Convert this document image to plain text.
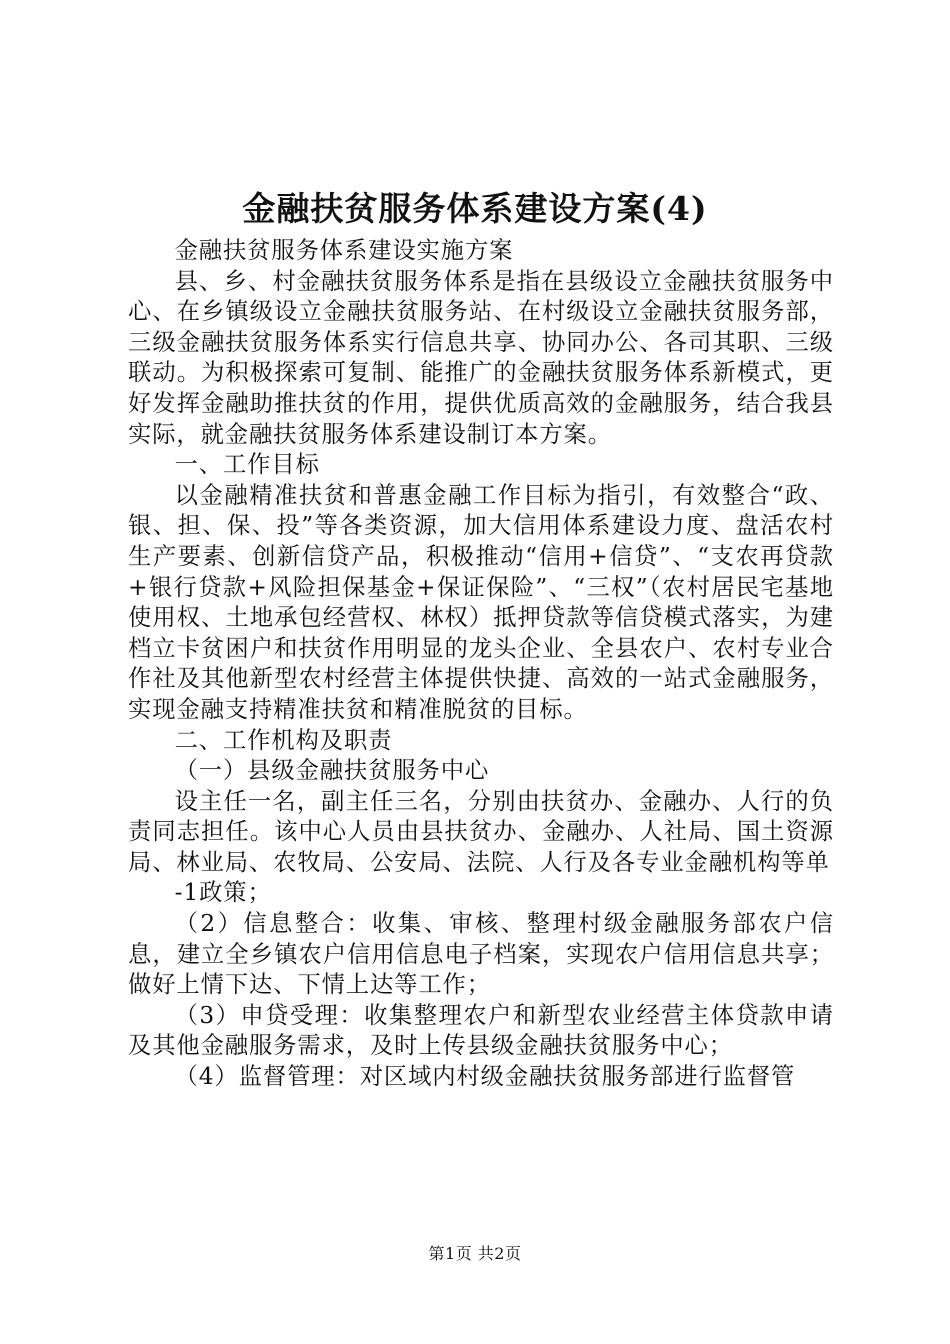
金融扶贫服务体系建设方案(4)

金融扶贫服务体系建设实施方案

县、乡、村金融扶贫服务体系是指在县级设立金融扶贫服务中心、在乡镇级设立金融扶贫服务站、在村级设立金融扶贫服务部，三级金融扶贫服务体系实行信息共享、协同办公、各司其职、三级联动。为积极探索可复制、能推广的金融扶贫服务体系新模式，更好发挥金融助推扶贫的作用，提供优质高效的金融服务，结合我县实际，就金融扶贫服务体系建设制订本方案。

一、工作目标

以金融精准扶贫和普惠金融工作目标为指引，有效整合“政、银、担、保、投”等各类资源，加大信用体系建设力度、盘活农村生产要素、创新信贷产品，积极推动“信用+信贷”、“支农再贷款+银行贷款+风险担保基金+保证保险”、“三权”（农村居民宅基地使用权、土地承包经营权、林权）抵押贷款等信贷模式落实，为建档立卡贫困户和扶贫作用明显的龙头企业、全县农户、农村专业合作社及其他新型农村经营主体提供快捷、高效的一站式金融服务，实现金融支持精准扶贫和精准脱贫的目标。

二、工作机构及职责

（一）县级金融扶贫服务中心

设主任一名，副主任三名，分别由扶贫办、金融办、人行的负责同志担任。该中心人员由县扶贫办、金融办、人社局、国土资源局、林业局、农牧局、公安局、法院、人行及各专业金融机构等单

-1政策；

（2）信息整合：收集、审核、整理村级金融服务部农户信息，建立全乡镇农户信用信息电子档案，实现农户信用信息共享；做好上情下达、下情上达等工作；

（3）申贷受理：收集整理农户和新型农业经营主体贷款申请及其他金融服务需求，及时上传县级金融扶贫服务中心；

（4）监督管理：对区域内村级金融扶贫服务部进行监督管

第1页 共2页
